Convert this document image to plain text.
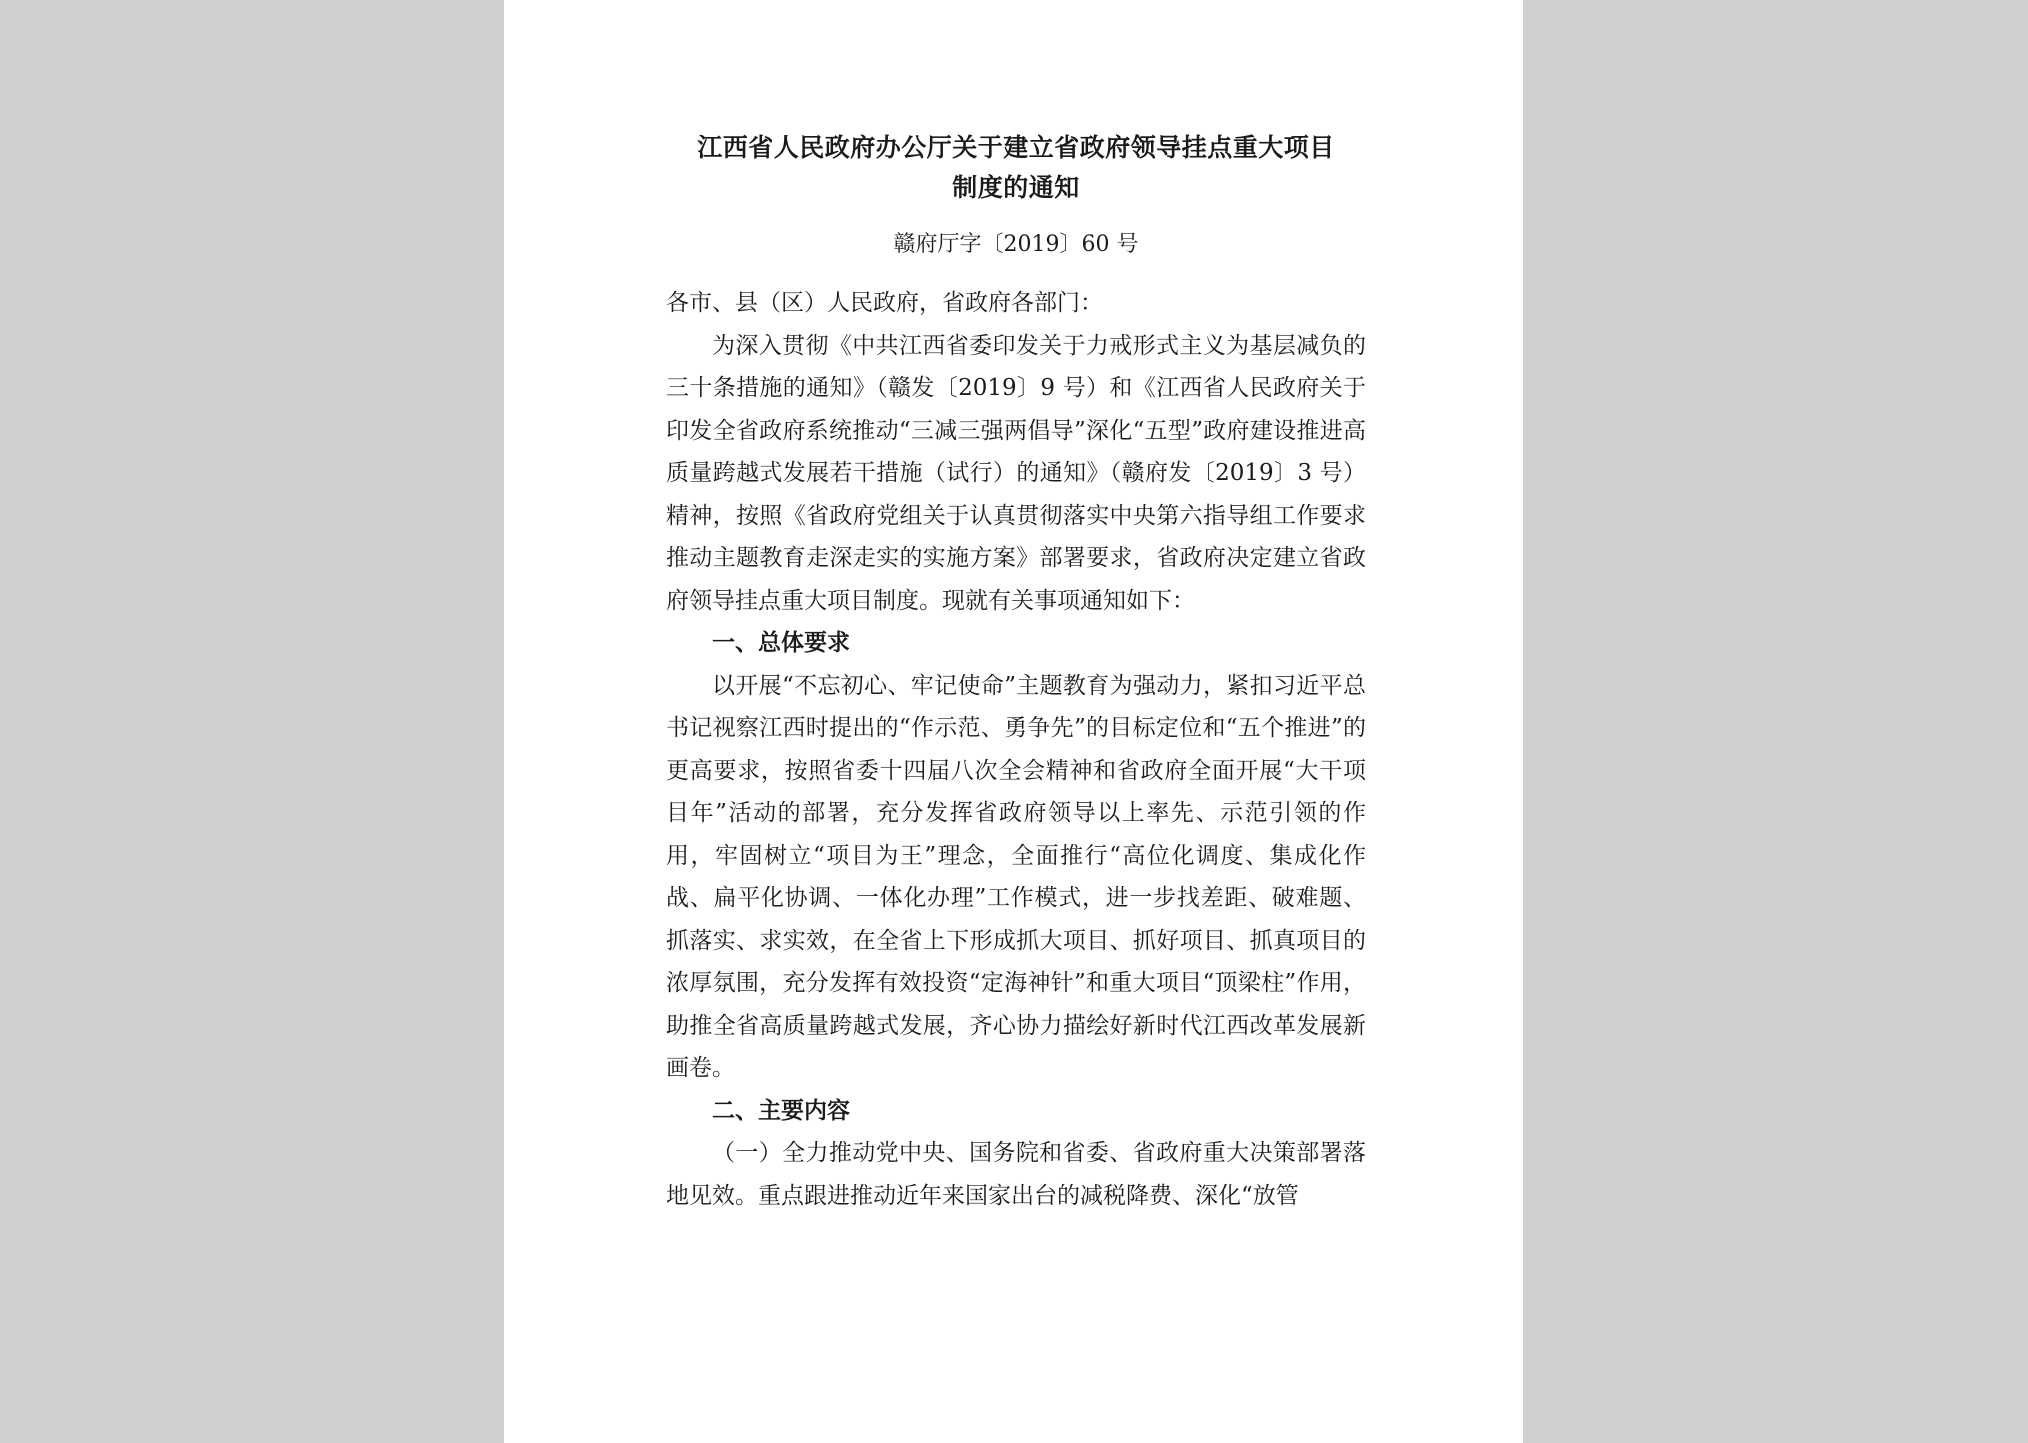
江西省人民政府办公厅关于建立省政府领导挂点重大项目
制度的通知
赣府厅字〔2019〕60 号

各市、县（区）人民政府，省政府各部门：

为深入贯彻《中共江西省委印发关于力戒形式主义为基层减负的三十条措施的通知》（赣发〔2019〕9 号）和《江西省人民政府关于印发全省政府系统推动“三减三强两倡导”深化“五型”政府建设推进高质量跨越式发展若干措施（试行）的通知》（赣府发〔2019〕3 号）精神，按照《省政府党组关于认真贯彻落实中央第六指导组工作要求推动主题教育走深走实的实施方案》部署要求，省政府决定建立省政府领导挂点重大项目制度。现就有关事项通知如下：

一、总体要求

以开展“不忘初心、牢记使命”主题教育为强动力，紧扣习近平总书记视察江西时提出的“作示范、勇争先”的目标定位和“五个推进”的更高要求，按照省委十四届八次全会精神和省政府全面开展“大干项目年”活动的部署，充分发挥省政府领导以上率先、示范引领的作用，牢固树立“项目为王”理念，全面推行“高位化调度、集成化作战、扁平化协调、一体化办理”工作模式，进一步找差距、破难题、抓落实、求实效，在全省上下形成抓大项目、抓好项目、抓真项目的浓厚氛围，充分发挥有效投资“定海神针”和重大项目“顶梁柱”作用，助推全省高质量跨越式发展，齐心协力描绘好新时代江西改革发展新画卷。

二、主要内容

（一）全力推动党中央、国务院和省委、省政府重大决策部署落地见效。重点跟进推动近年来国家出台的减税降费、深化“放管
